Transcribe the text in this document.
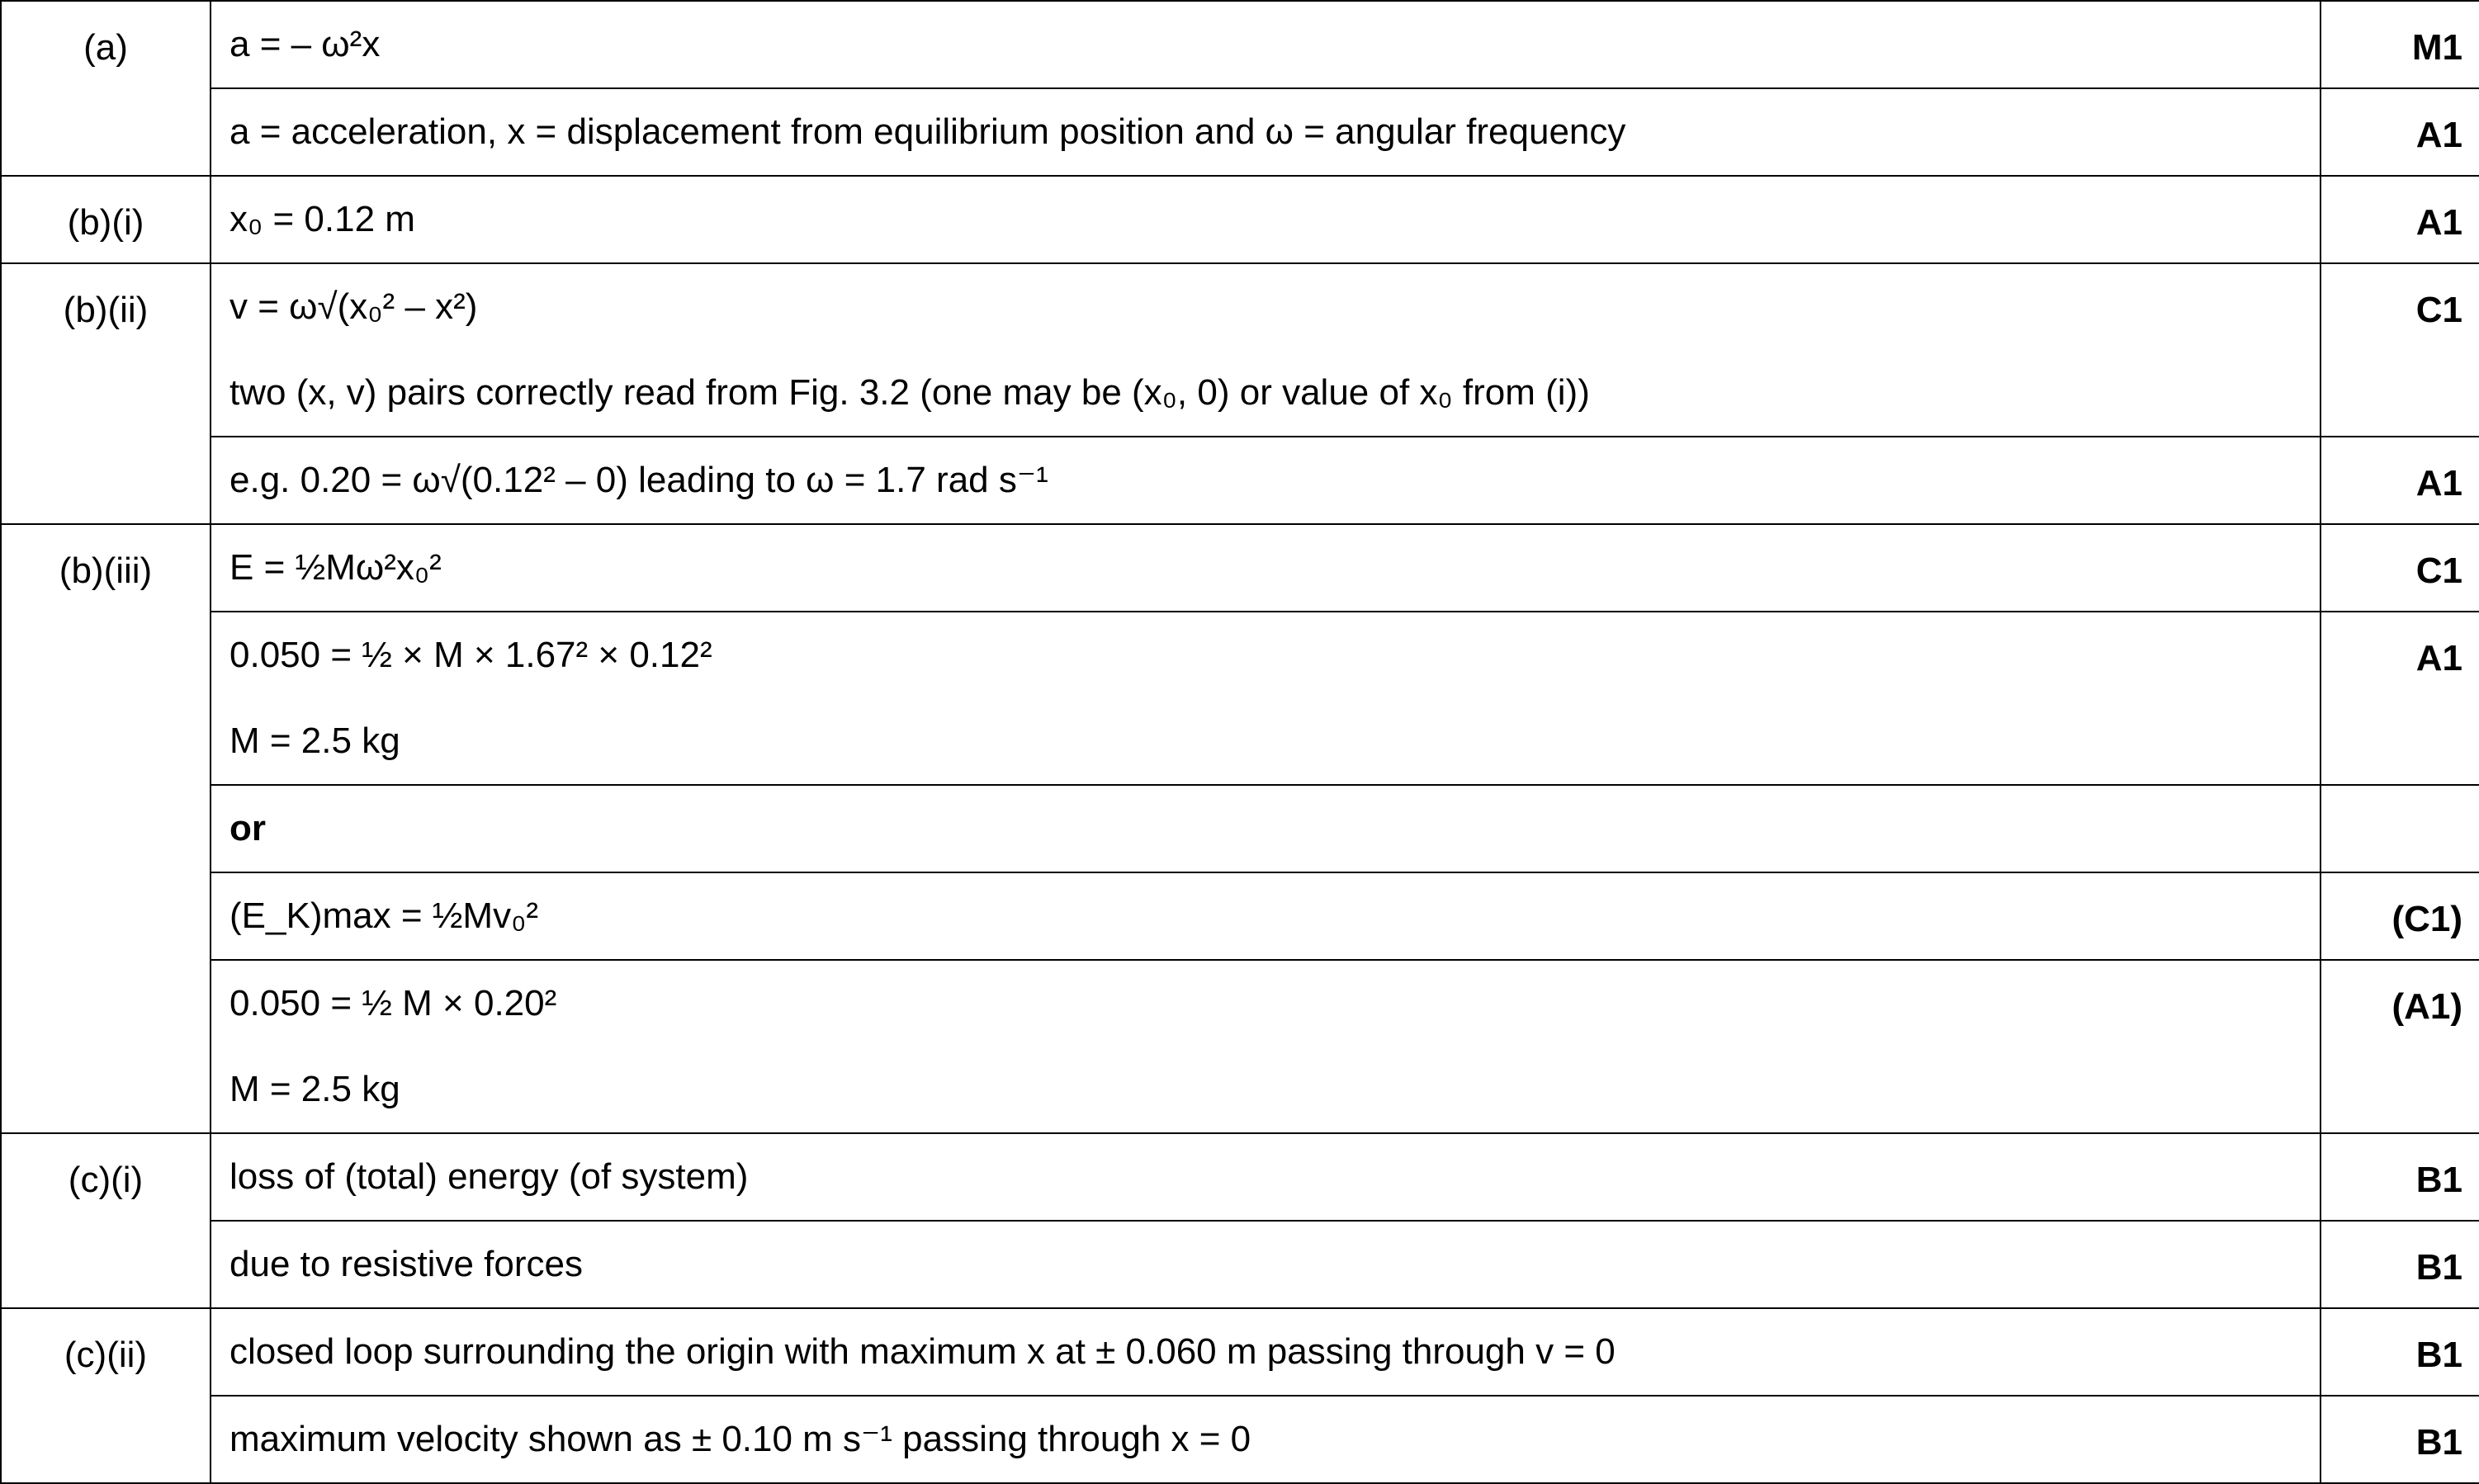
(a)	a = – ω²x	M1

	a = acceleration, x = displacement from equilibrium position and ω = angular frequency	A1
(b)(i)	x₀ = 0.12 m	A1
(b)(ii)	v = ω√(x₀² – x²)
two (x, v) pairs correctly read from Fig. 3.2 (one may be (x₀, 0) or value of x₀ from (i))	C1

	e.g. 0.20 = ω√(0.12² – 0) leading to ω = 1.7 rad s⁻¹	A1
(b)(iii)	E = ½Mω²x₀²	C1

	0.050 = ½ × M × 1.67² × 0.12²
M = 2.5 kg	A1

	or	

	(E_K)max = ½Mv₀²	(C1)

	0.050 = ½ M × 0.20²
M = 2.5 kg	(A1)
(c)(i)	loss of (total) energy (of system)	B1

	due to resistive forces	B1
(c)(ii)	closed loop surrounding the origin with maximum x at ± 0.060 m passing through v = 0	B1

	maximum velocity shown as ± 0.10 m s⁻¹ passing through x = 0	B1
